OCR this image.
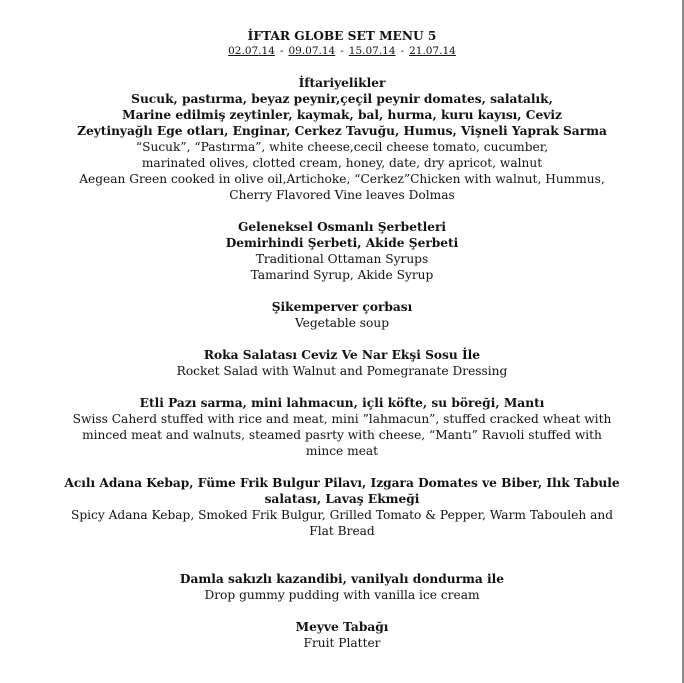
İFTAR GLOBE SET MENU 5

02.07.14 - 09.07.14 - 15.07.14 - 21.07.14

İftariyelikler

Sucuk, pastırma, beyaz peynir,çeçil peynir domates, salatalık,

Marine edilmiş zeytinler, kaymak, bal, hurma, kuru kayısı, Ceviz

Zeytinyağlı Ege otları, Enginar, Cerkez Tavuğu, Humus, Vişneli Yaprak Sarma

“Sucuk”, “Pastırma”, white cheese,cecil cheese tomato, cucumber,

marinated olives, clotted cream, honey, date, dry apricot, walnut

Aegean Green cooked in olive oil,Artichoke, “Cerkez”Chicken with walnut, Hummus,

Cherry Flavored Vine leaves Dolmas

Geleneksel Osmanlı Şerbetleri

Demirhindi Şerbeti, Akide Şerbeti

Traditional Ottaman Syrups

Tamarind Syrup, Akide Syrup

Şikemperver çorbası

Vegetable soup

Roka Salatası Ceviz Ve Nar Ekşi Sosu İle

Rocket Salad with Walnut and Pomegranate Dressing

Etli Pazı sarma, mini lahmacun, içli köfte, su böreği, Mantı

Swiss Caherd stuffed with rice and meat, mini ”lahmacun”, stuffed cracked wheat with

minced meat and walnuts, steamed pasrty with cheese, “Mantı” Ravıoli stuffed with

mince meat

Acılı Adana Kebap, Füme Frik Bulgur Pilavı, Izgara Domates ve Biber, Ilık Tabule

salatası, Lavaş Ekmeği

Spicy Adana Kebap, Smoked Frik Bulgur, Grilled Tomato & Pepper, Warm Tabouleh and

Flat Bread

Damla sakızlı kazandibi, vanilyalı dondurma ile

Drop gummy pudding with vanilla ice cream

Meyve Tabağı

Fruit Platter
